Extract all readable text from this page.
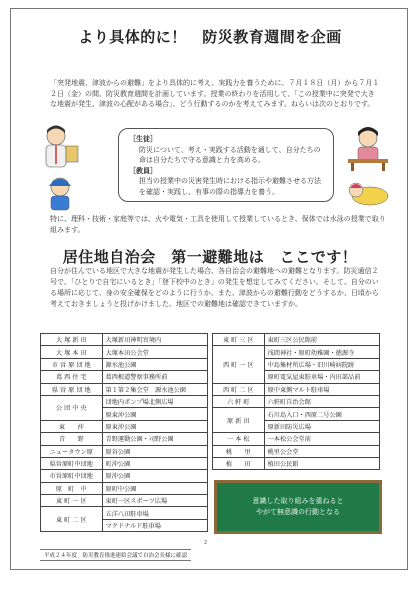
より具体的に！　防災教育週間を企画
「突発地震、津波からの避難」をより具体的に考え、実践力を養うために、７月１８日（月）から７月１２日（金）の間、防災教育週間を計画しています。授業の終わりを活用して、「この授業中に突発で大きな地震が発生、津波の心配がある場合」、どう行動するのかを考えてみます。ねらいは次のとおりです。
［生徒］
防災について、考え・実践する活動を通して、自分たちの命は自分たちで守る意識と力を高める。
［教員］
担当の授業中の災害発生時における指示や避難させる方法を確認・実践し、有事の際の指導力を養う。
特に、理科・技術・家庭等では、火や電気・工具を使用して授業しているとき、保体では水泳の授業で取り組みます。
居住地自治会　第一避難地は　ここです！
自分が住んでいる地区で大きな地震が発生した場合、各自治会の避難地への避難となります。防災通信２号で、「ひとりで自宅にいるとき」「登下校中のとき」の発生を想定してみてください。そして、自分のいる場所に応じて、身の安全確保をどのように行うか、また、津波からの避難行動をどうするか、日頃から考えておきましょうと投げかけました。地区での避難地は確認できていますか。
大 塚 新 田	大塚新田神明宮境内
大 塚 本 田	大塚本田公会堂
市 営 原 団 地	源水池公園
葛 西 住 宅	葛西根道警察事務所前
県 営 原 団 地	第１第２集会堂　源水池公園
公 団 中 央	団地内ポンプ場北側広場
	原東沖公園
東　　沖	原東沖公園
青　　野	青野運動公園・司野公園
ニュータウン原	原谷公園
県営原町中団地	町沖公園
市営原町中団地	原沖公園
原　町　中	原町中公園
東 町 一 区	東町一区スポーツ広場
東 町 二 区	五洋八田駐車場
	マクドナルド駐車場
東 町 三 区	東町三区公民館前
西 町 一 区	浅間神社・原町幼稚園・徳源寺
	中島集材所広場・旧川崎病院跡
	原町電気屋東駐車場・内田部品前
西 町 二 区	原中東側マルト駐車場
六 軒 町	六軒町自治会館
原 新 田	石川島入口・西原二号公園
	原新田防災広場
一 本 松	一本松公会堂前
桃　　里	桃里公会堂
植　　田	植田公民館
意識した取り組みを重ねると
やがて無意識の行動となる
2
平成２４年度　防災教育推進連絡会議で自治会長様に確認
